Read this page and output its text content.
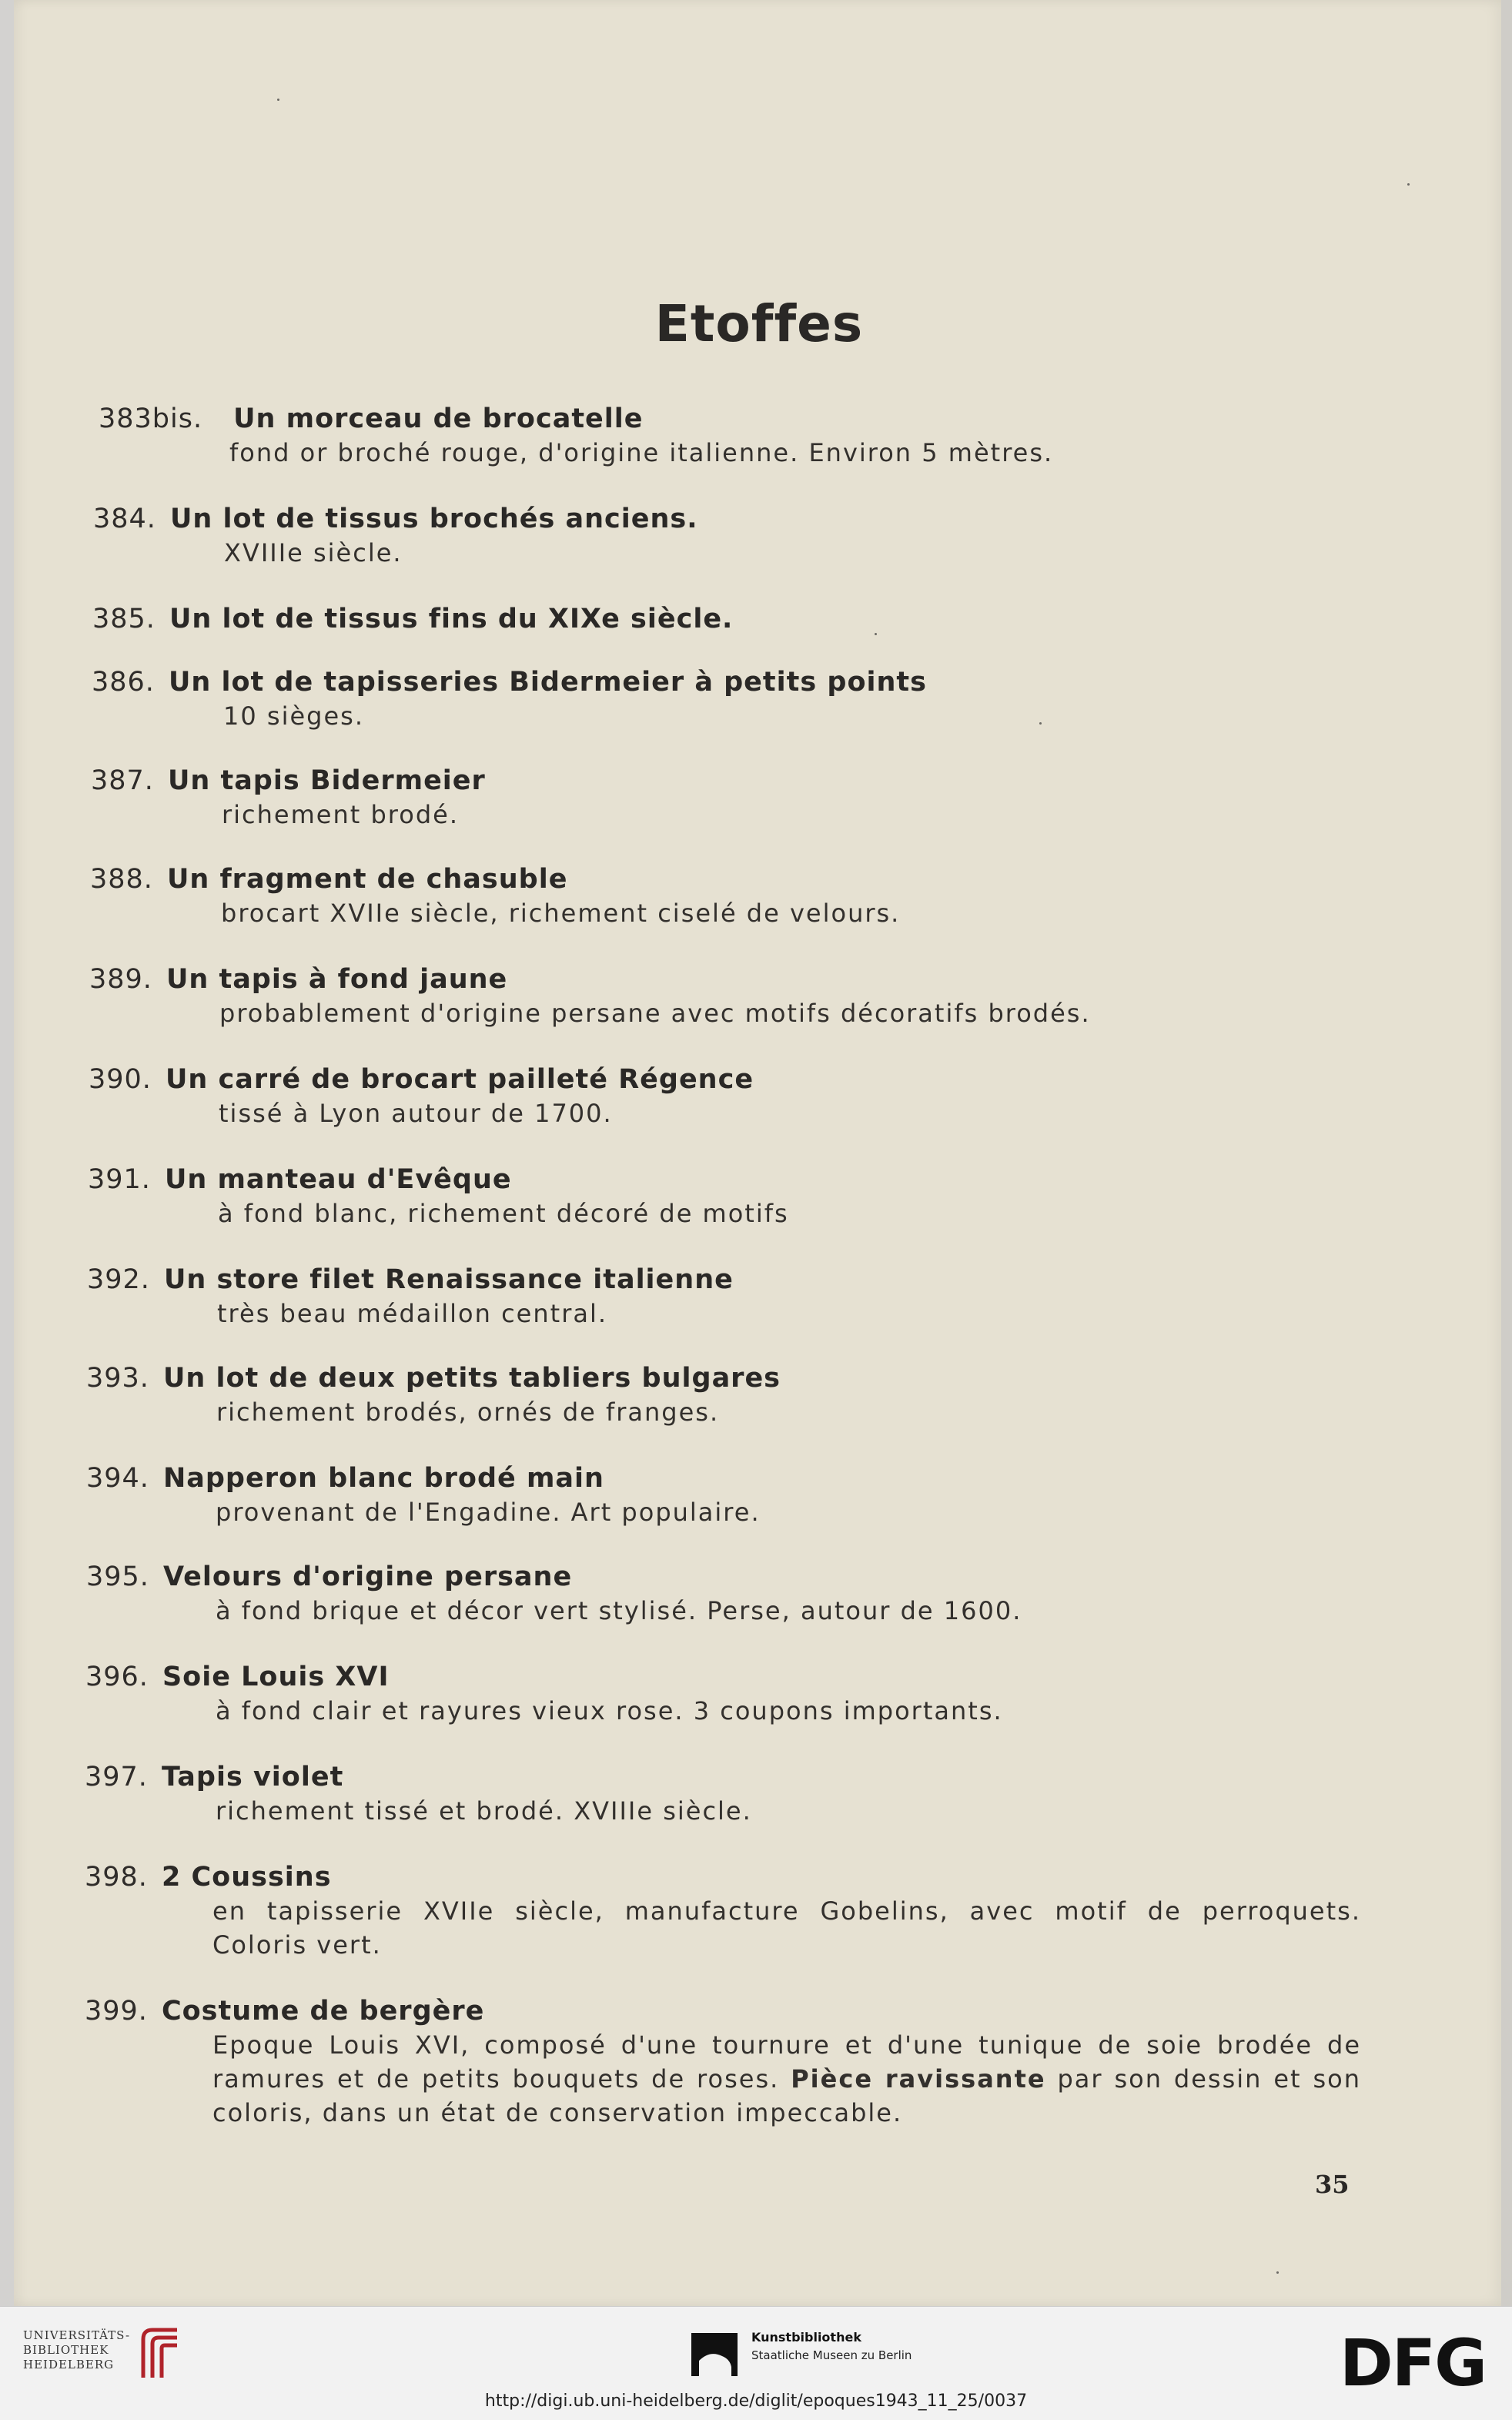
Etoffes
383bis. Un morceau de brocatelle
fond or broché rouge, d'origine italienne. Environ 5 mètres.
384. Un lot de tissus brochés anciens.
XVIIIe siècle.
385. Un lot de tissus fins du XIXe siècle.
386. Un lot de tapisseries Bidermeier à petits points
10 sièges.
387. Un tapis Bidermeier
richement brodé.
388. Un fragment de chasuble
brocart XVIIe siècle, richement ciselé de velours.
389. Un tapis à fond jaune
probablement d'origine persane avec motifs décoratifs brodés.
390. Un carré de brocart pailleté Régence
tissé à Lyon autour de 1700.
391. Un manteau d'Evêque
à fond blanc, richement décoré de motifs
392. Un store filet Renaissance italienne
très beau médaillon central.
393. Un lot de deux petits tabliers bulgares
richement brodés, ornés de franges.
394. Napperon blanc brodé main
provenant de l'Engadine. Art populaire.
395. Velours d'origine persane
à fond brique et décor vert stylisé. Perse, autour de 1600.
396. Soie Louis XVI
à fond clair et rayures vieux rose. 3 coupons importants.
397. Tapis violet
richement tissé et brodé. XVIIIe siècle.
398. 2 Coussins
en tapisserie XVIIe siècle, manufacture Gobelins, avec motif de perroquets. Coloris vert.
399. Costume de bergère
Epoque Louis XVI, composé d'une tournure et d'une tunique de soie brodée de ramures et de petits bouquets de roses. Pièce ravissante par son dessin et son coloris, dans un état de conservation impeccable.
35
UNIVERSITÄTS-
BIBLIOTHEK
HEIDELBERG
Kunstbibliothek
Staatliche Museen zu Berlin	DFG
http://digi.ub.uni-heidelberg.de/diglit/epoques1943_11_25/0037
